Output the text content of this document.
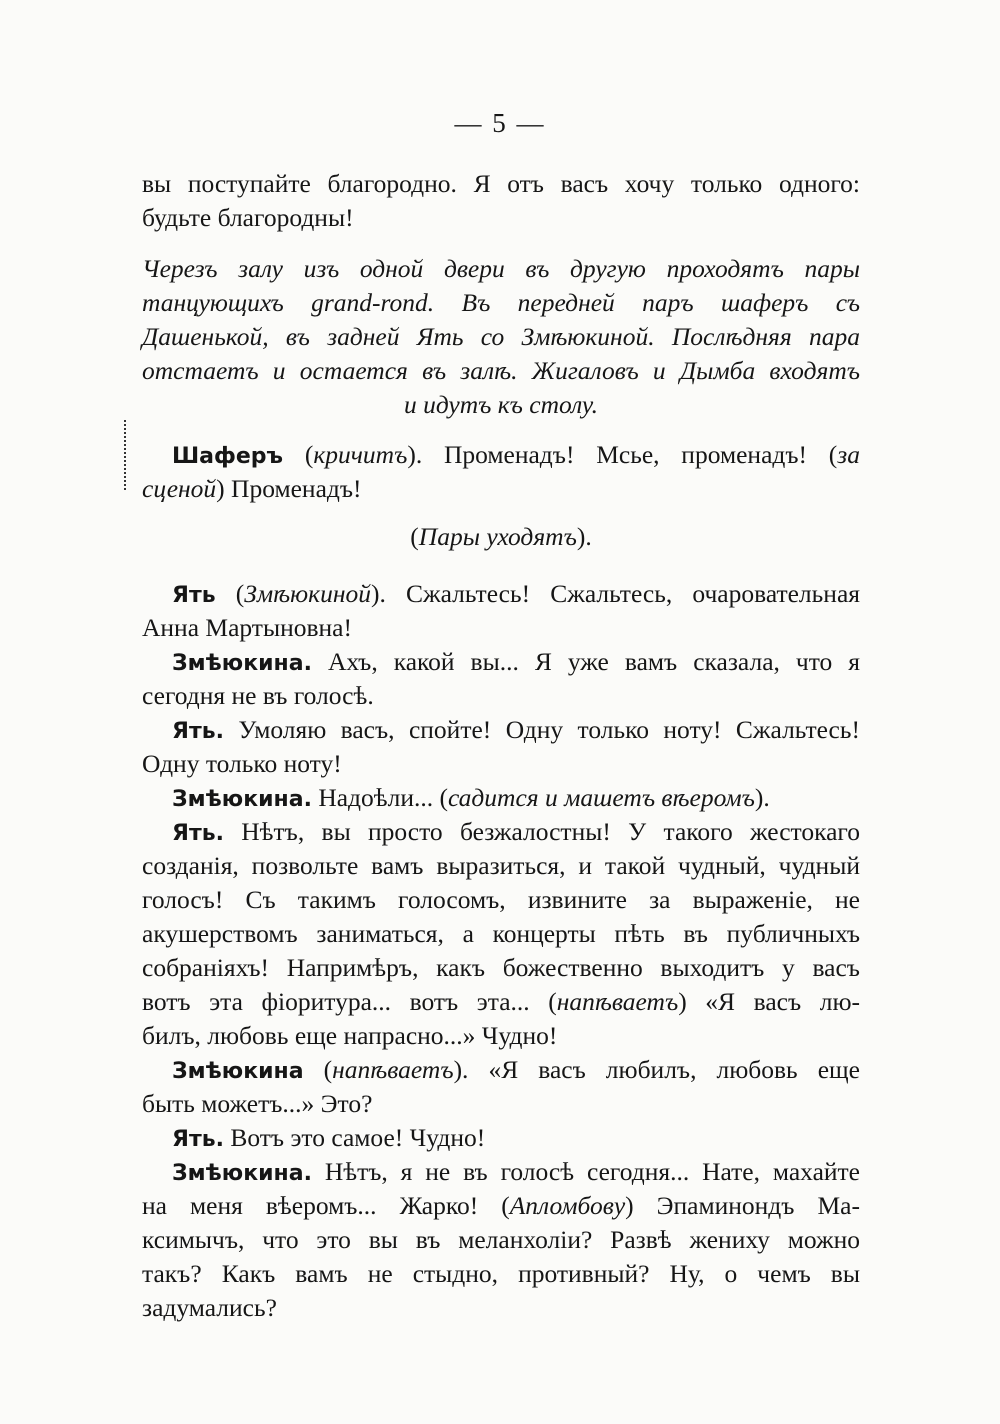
— 5 —
вы поступайте благородно. Я отъ васъ хочу только одного:
будьте благородны!
Черезъ залу изъ одной двери въ другую проходятъ пары
танцующихъ grand-rond. Въ передней паръ шаферъ съ
Дашенькой, въ задней Ять со Змѣюкиной. Послѣдняя пара
отстаетъ и остается въ залѣ. Жигаловъ и Дымба входятъ
и идутъ къ столу.
Шаферъ (кричитъ). Променадъ! Мсье, променадъ! (за
сценой) Променадъ!
(Пары уходятъ).
Ять (Змѣюкиной). Сжальтесь! Сжальтесь, очаровательная
Анна Мартыновна!
Змѣюкина. Ахъ, какой вы... Я уже вамъ сказала, что я
сегодня не въ голосѣ.
Ять. Умоляю васъ, спойте! Одну только ноту! Сжальтесь!
Одну только ноту!
Змѣюкина. Надоѣли... (садится и машетъ вѣеромъ).
Ять. Нѣтъ, вы просто безжалостны! У такого жестокаго
созданія, позвольте вамъ выразиться, и такой чудный, чудный
голосъ! Съ такимъ голосомъ, извините за выраженіе, не
акушерствомъ заниматься, а концерты пѣть въ публичныхъ
собраніяхъ! Напримѣръ, какъ божественно выходитъ у васъ
вотъ эта фіоритура... вотъ эта... (напѣваетъ) «Я васъ лю-
билъ, любовь еще напрасно...» Чудно!
Змѣюкина (напѣваетъ). «Я васъ любилъ, любовь еще
быть можетъ...» Это?
Ять. Вотъ это самое! Чудно!
Змѣюкина. Нѣтъ, я не въ голосѣ сегодня... Нате, махайте
на меня вѣеромъ... Жарко! (Апломбову) Эпаминондъ Ма-
ксимычъ, что это вы въ меланхоліи? Развѣ жениху можно
такъ? Какъ вамъ не стыдно, противный? Ну, о чемъ вы
задумались?
